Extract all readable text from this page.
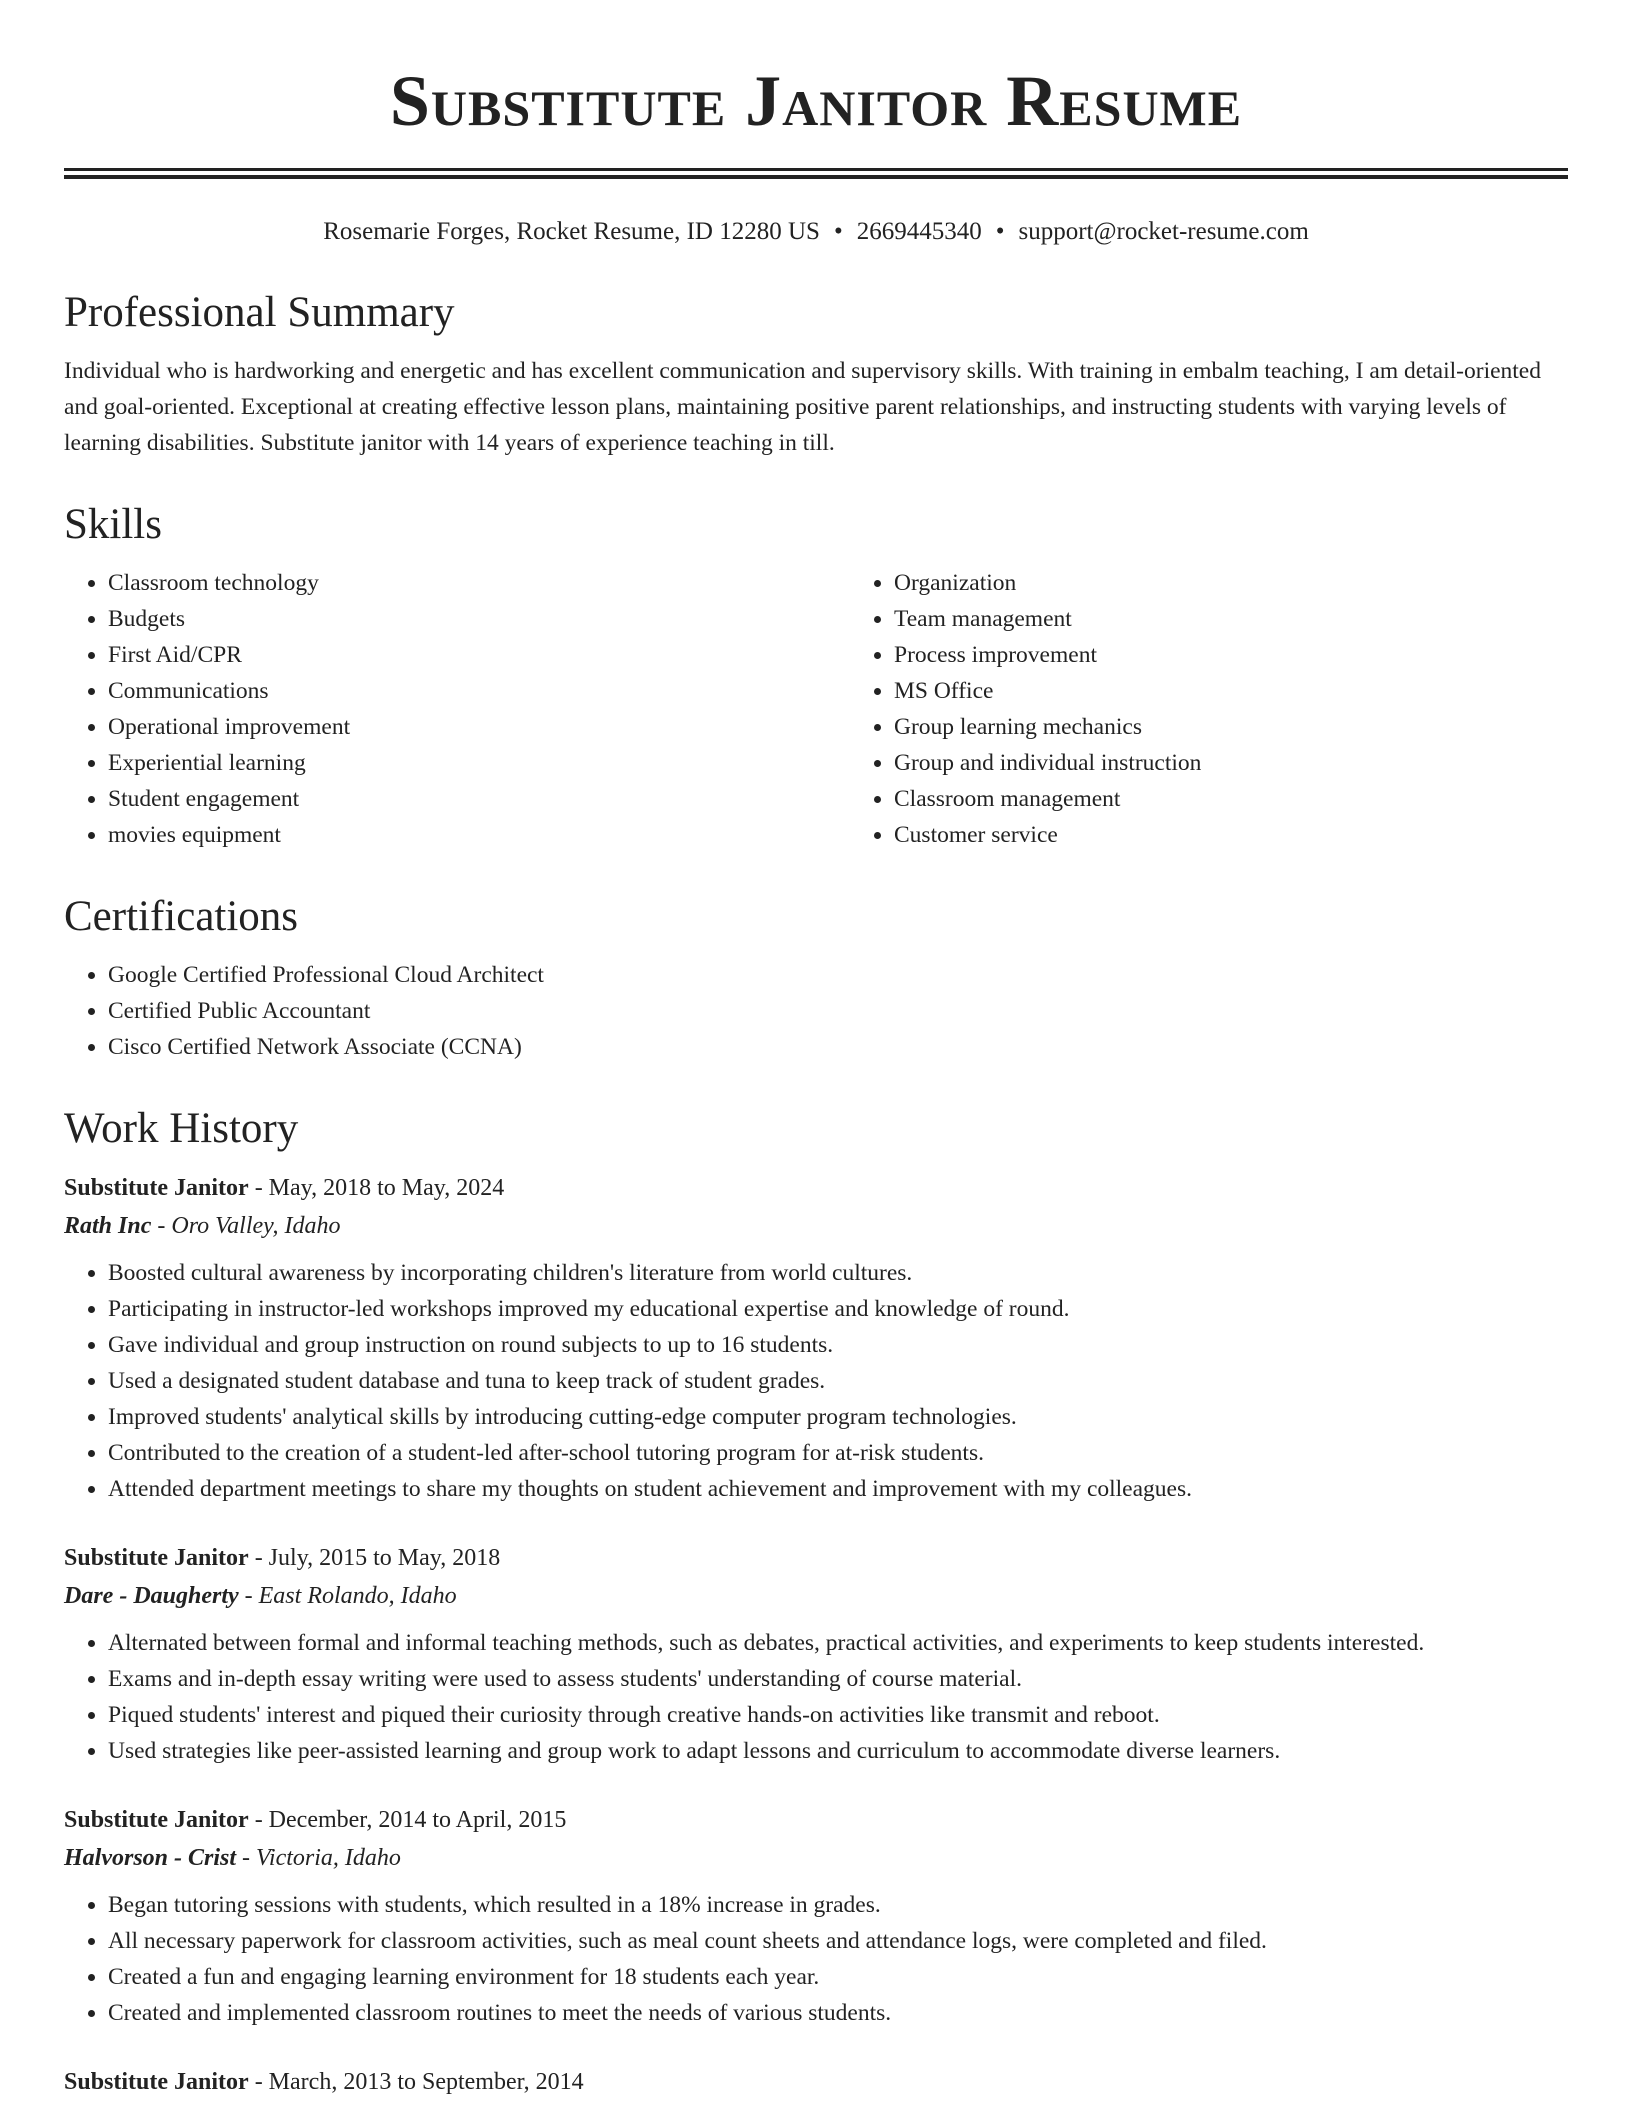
Substitute Janitor Resume
Rosemarie Forges, Rocket Resume, ID 12280 US • 2669445340 • support@rocket-resume.com
Professional Summary

Individual who is hardworking and energetic and has excellent communication and supervisory skills. With training in embalm teaching, I am detail-oriented and goal-oriented. Exceptional at creating effective lesson plans, maintaining positive parent relationships, and instructing students with varying levels of learning disabilities. Substitute janitor with 14 years of experience teaching in till.

Skills
• Classroom technology
• Budgets
• First Aid/CPR
• Communications
• Operational improvement
• Experiential learning
• Student engagement
• movies equipment
• Organization
• Team management
• Process improvement
• MS Office
• Group learning mechanics
• Group and individual instruction
• Classroom management
• Customer service
Certifications
• Google Certified Professional Cloud Architect
• Certified Public Accountant
• Cisco Certified Network Associate (CCNA)
Work History
Substitute Janitor - May, 2018 to May, 2024
Rath Inc - Oro Valley, Idaho
• Boosted cultural awareness by incorporating children's literature from world cultures.
• Participating in instructor-led workshops improved my educational expertise and knowledge of round.
• Gave individual and group instruction on round subjects to up to 16 students.
• Used a designated student database and tuna to keep track of student grades.
• Improved students' analytical skills by introducing cutting-edge computer program technologies.
• Contributed to the creation of a student-led after-school tutoring program for at-risk students.
• Attended department meetings to share my thoughts on student achievement and improvement with my colleagues.
Substitute Janitor - July, 2015 to May, 2018
Dare - Daugherty - East Rolando, Idaho
• Alternated between formal and informal teaching methods, such as debates, practical activities, and experiments to keep students interested.
• Exams and in-depth essay writing were used to assess students' understanding of course material.
• Piqued students' interest and piqued their curiosity through creative hands-on activities like transmit and reboot.
• Used strategies like peer-assisted learning and group work to adapt lessons and curriculum to accommodate diverse learners.
Substitute Janitor - December, 2014 to April, 2015
Halvorson - Crist - Victoria, Idaho
• Began tutoring sessions with students, which resulted in a 18% increase in grades.
• All necessary paperwork for classroom activities, such as meal count sheets and attendance logs, were completed and filed.
• Created a fun and engaging learning environment for 18 students each year.
• Created and implemented classroom routines to meet the needs of various students.
Substitute Janitor - March, 2013 to September, 2014
